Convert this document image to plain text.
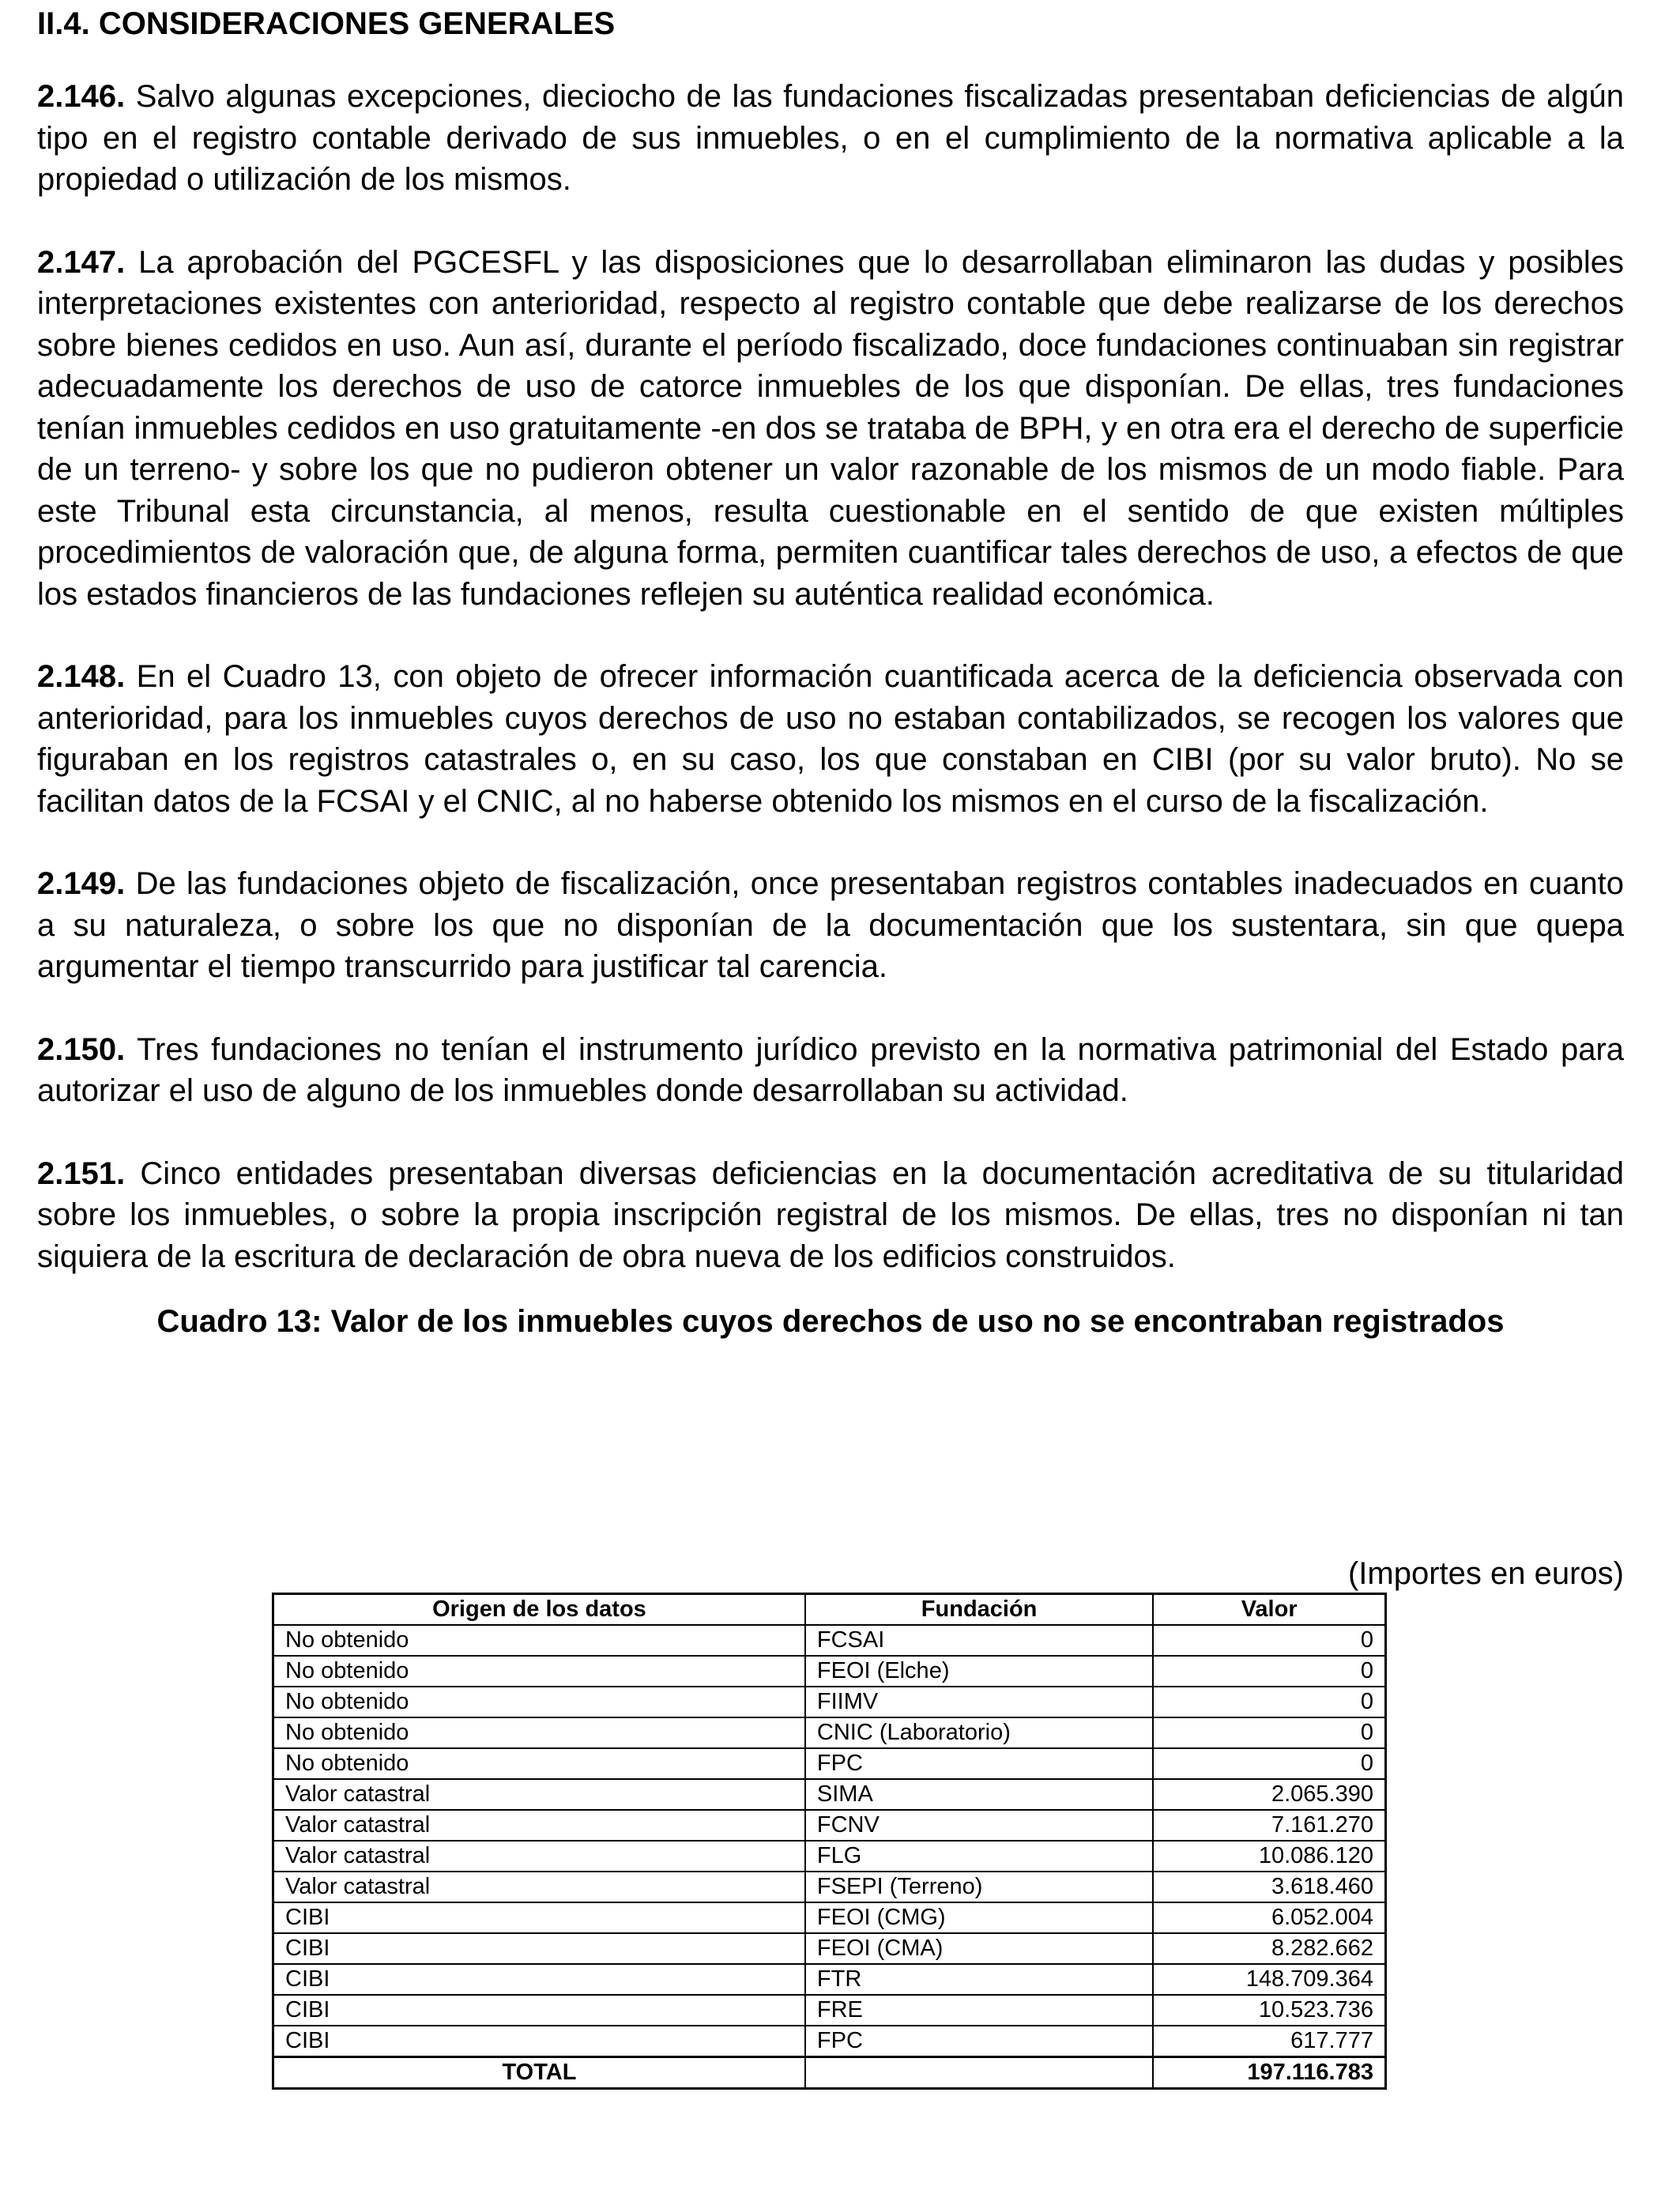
II.4. CONSIDERACIONES GENERALES
2.146. Salvo algunas excepciones, dieciocho de las fundaciones fiscalizadas presentaban deficiencias de algún tipo en el registro contable derivado de sus inmuebles, o en el cumplimiento de la normativa aplicable a la propiedad o utilización de los mismos.
2.147. La aprobación del PGCESFL y las disposiciones que lo desarrollaban eliminaron las dudas y posibles interpretaciones existentes con anterioridad, respecto al registro contable que debe realizarse de los derechos sobre bienes cedidos en uso. Aun así, durante el período fiscalizado, doce fundaciones continuaban sin registrar adecuadamente los derechos de uso de catorce inmuebles de los que disponían. De ellas, tres fundaciones tenían inmuebles cedidos en uso gratuitamente -en dos se trataba de BPH, y en otra era el derecho de superficie de un terreno- y sobre los que no pudieron obtener un valor razonable de los mismos de un modo fiable. Para este Tribunal esta circunstancia, al menos, resulta cuestionable en el sentido de que existen múltiples procedimientos de valoración que, de alguna forma, permiten cuantificar tales derechos de uso, a efectos de que los estados financieros de las fundaciones reflejen su auténtica realidad económica.
2.148. En el Cuadro 13, con objeto de ofrecer información cuantificada acerca de la deficiencia observada con anterioridad, para los inmuebles cuyos derechos de uso no estaban contabilizados, se recogen los valores que figuraban en los registros catastrales o, en su caso, los que constaban en CIBI (por su valor bruto). No se facilitan datos de la FCSAI y el CNIC, al no haberse obtenido los mismos en el curso de la fiscalización.
2.149. De las fundaciones objeto de fiscalización, once presentaban registros contables inadecuados en cuanto a su naturaleza, o sobre los que no disponían de la documentación que los sustentara, sin que quepa argumentar el tiempo transcurrido para justificar tal carencia.
2.150. Tres fundaciones no tenían el instrumento jurídico previsto en la normativa patrimonial del Estado para autorizar el uso de alguno de los inmuebles donde desarrollaban su actividad.
2.151. Cinco entidades presentaban diversas deficiencias en la documentación acreditativa de su titularidad sobre los inmuebles, o sobre la propia inscripción registral de los mismos. De ellas, tres no disponían ni tan siquiera de la escritura de declaración de obra nueva de los edificios construidos.
Cuadro 13: Valor de los inmuebles cuyos derechos de uso no se encontraban registrados
(Importes en euros)
Origen de los datos	Fundación	Valor
No obtenido	FCSAI	0
No obtenido	FEOI (Elche)	0
No obtenido	FIIMV	0
No obtenido	CNIC (Laboratorio)	0
No obtenido	FPC	0
Valor catastral	SIMA	2.065.390
Valor catastral	FCNV	7.161.270
Valor catastral	FLG	10.086.120
Valor catastral	FSEPI (Terreno)	3.618.460
CIBI	FEOI (CMG)	6.052.004
CIBI	FEOI (CMA)	8.282.662
CIBI	FTR	148.709.364
CIBI	FRE	10.523.736
CIBI	FPC	617.777
TOTAL		197.116.783
